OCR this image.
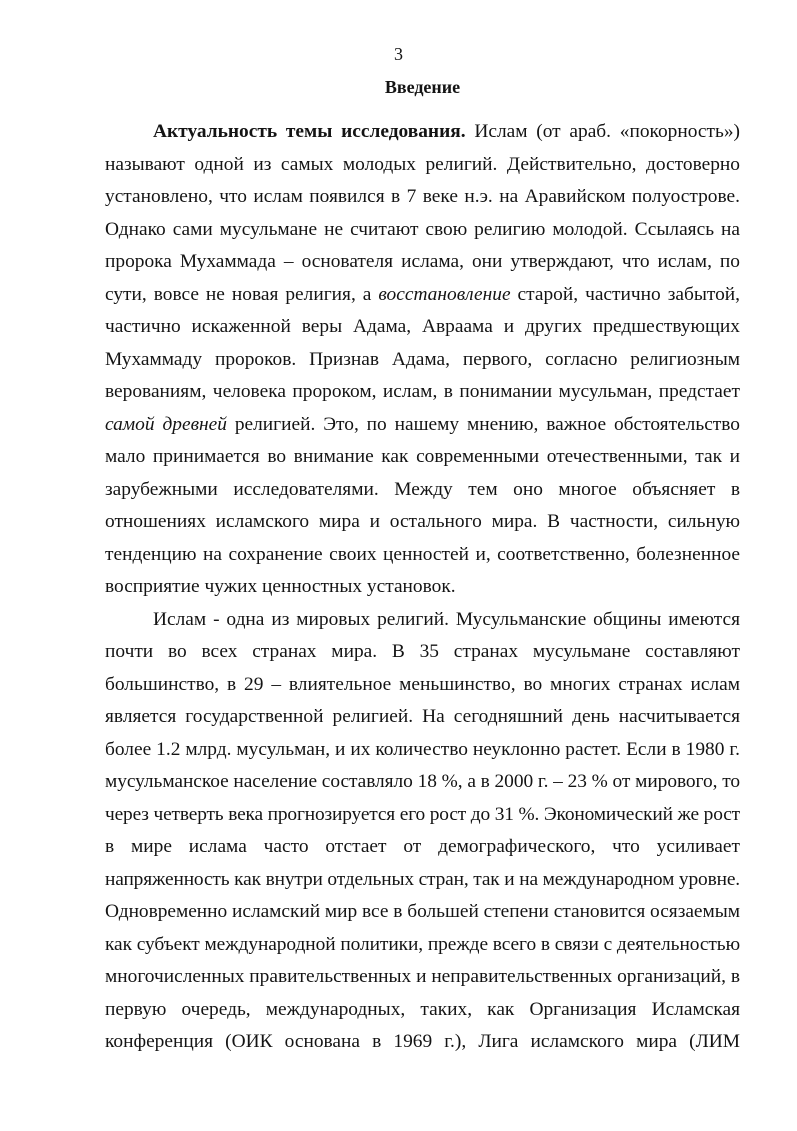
3
Введение
Актуальность темы исследования. Ислам (от араб. «покорность»)
называют одной из самых молодых религий. Действительно, достоверно
установлено, что ислам появился в 7 веке н.э. на Аравийском полуострове.
Однако сами мусульмане не считают свою религию молодой. Ссылаясь на
пророка Мухаммада – основателя ислама, они утверждают, что ислам, по
сути, вовсе не новая религия, а восстановление старой, частично забытой,
частично искаженной веры Адама, Авраама и других предшествующих
Мухаммаду пророков. Признав Адама, первого, согласно религиозным
верованиям, человека пророком, ислам, в понимании мусульман, предстает
самой древней религией. Это, по нашему мнению, важное обстоятельство
мало принимается во внимание как современными отечественными, так и
зарубежными исследователями. Между тем оно многое объясняет в
отношениях исламского мира и остального мира. В частности, сильную
тенденцию на сохранение своих ценностей и, соответственно, болезненное
восприятие чужих ценностных установок.
Ислам - одна из мировых религий. Мусульманские общины имеются
почти во всех странах мира. В 35 странах мусульмане составляют
большинство, в 29 – влиятельное меньшинство, во многих странах ислам
является государственной религией. На сегодняшний день насчитывается
более 1.2 млрд. мусульман, и их количество неуклонно растет. Если в 1980 г.
мусульманское население составляло 18 %, а в 2000 г. – 23 % от мирового, то
через четверть века прогнозируется его рост до 31 %. Экономический же рост
в мире ислама часто отстает от демографического, что усиливает
напряженность как внутри отдельных стран, так и на международном уровне.
Одновременно исламский мир все в большей степени становится осязаемым
как субъект международной политики, прежде всего в связи с деятельностью
многочисленных правительственных и неправительственных организаций, в
первую очередь, международных, таких, как Организация Исламская
конференция (ОИК основана в 1969 г.), Лига исламского мира (ЛИМ
